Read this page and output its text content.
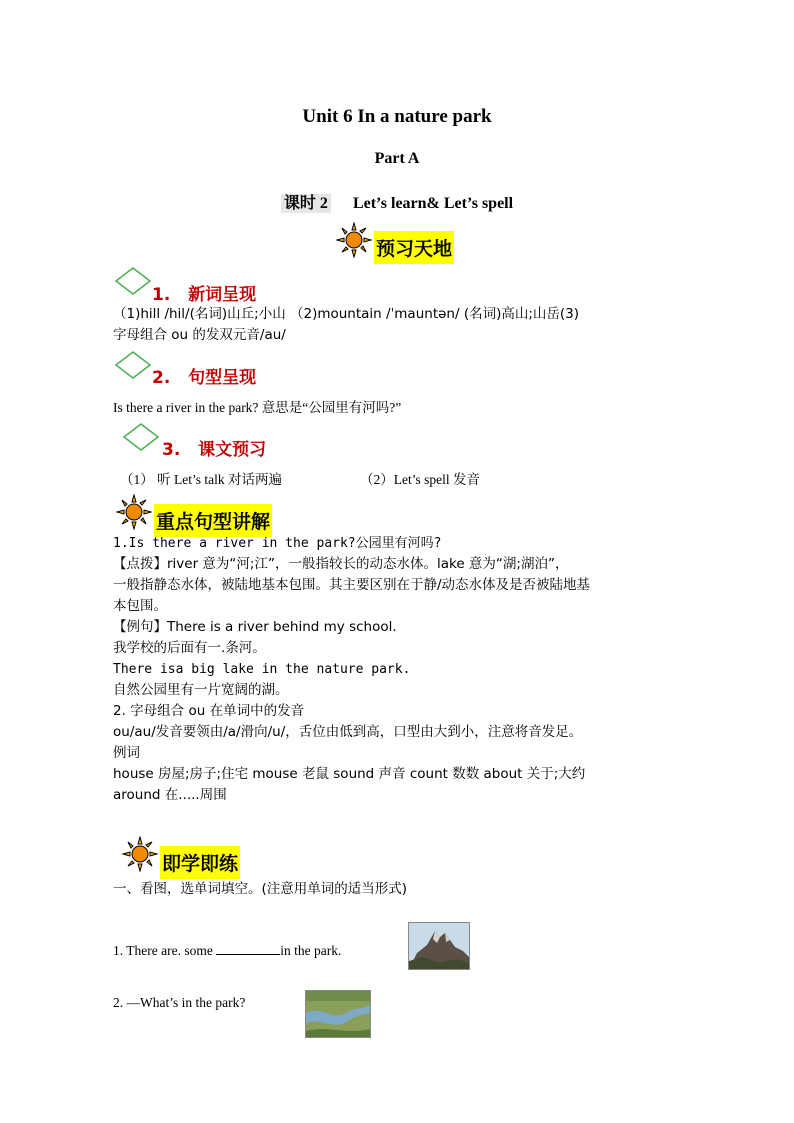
Unit 6 In a nature park
Part A
课时 2 Let’s learn& Let’s spell
预习天地
1. 新词呈现
（1)hill /hil/(名词)山丘;小山 （2)mountain /ˈmauntən/ (名词)高山;山岳(3)
字母组合 ou 的发双元音/au/
2. 句型呈现
Is there a river in the park? 意思是“公园里有河吗?”
3. 课文预习
（1） 听 Let’s talk 对话两遍	（2）Let’s spell 发音
重点句型讲解
1.Is there a river in the park?公园里有河吗?
【点拨】river 意为“河;江”，一般指较长的动态水体。lake 意为“湖;湖泊”，
一般指静态水体，被陆地基本包围。其主要区别在于静/动态水体及是否被陆地基
本包围。
【例句】There is a river behind my school.
我学校的后面有一.条河。
There isa big lake in the nature park.
自然公园里有一片宽阔的湖。
2. 字母组合 ou 在单词中的发音
ou/au/发音要领由/a/滑向/u/，舌位由低到高，口型由大到小，注意将音发足。
例词
house 房屋;房子;住宅 mouse 老鼠 sound 声音 count 数数 about 关于;大约
around 在.....周围
即学即练
一、看图，选单词填空。(注意用单词的适当形式)
1. There are. some	in the park.
2. —What’s in the park?
